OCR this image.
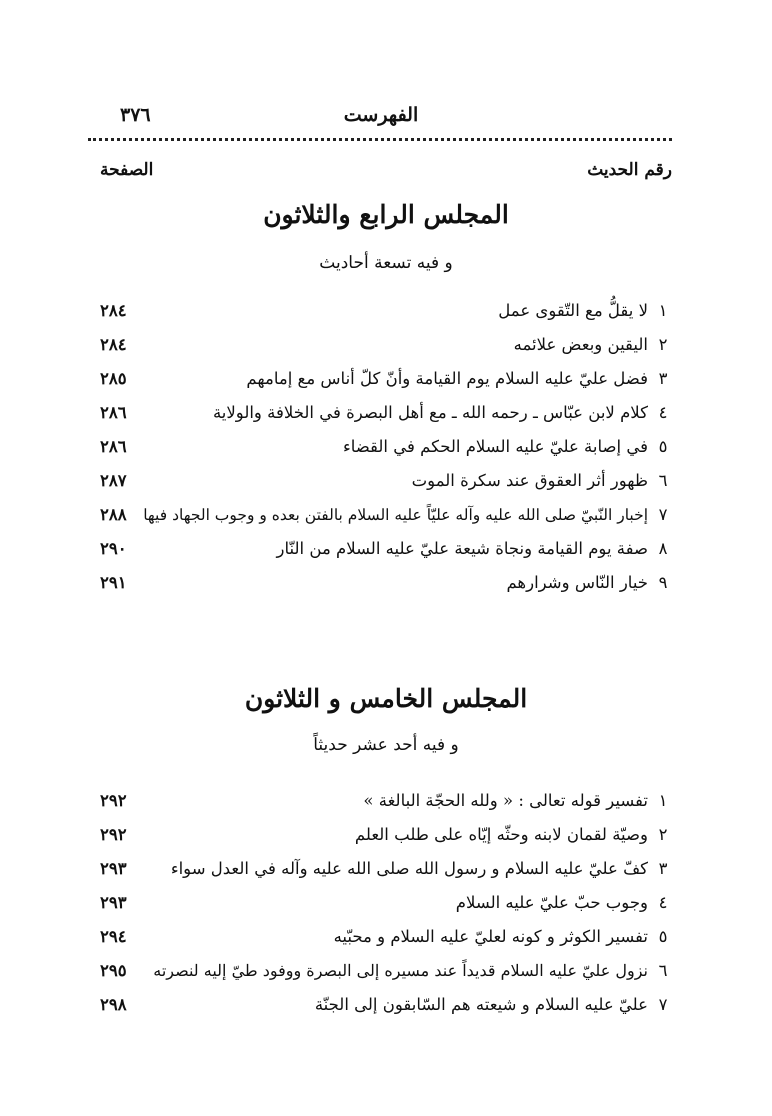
الفهرست
٣٧٦
رقم الحديث
الصفحة
المجلس الرابع والثلاثون
و فيه تسعة أحاديث
١
لا يقلُّ مع التّقوى عمل
٢٨٤
٢
اليقين وبعض علائمه
٢٨٤
٣
فضل عليّ عليه السلام يوم القيامة وأنّ كلّ أناس مع إمامهم
٢٨٥
٤
كلام لابن عبّاس ـ رحمه الله ـ مع أهل البصرة في الخلافة والولاية
٢٨٦
٥
في إصابة عليّ عليه السلام الحكم في القضاء
٢٨٦
٦
ظهور أثر العقوق عند سكرة الموت
٢٨٧
٧
إخبار النّبيّ صلى الله عليه وآله عليّاً عليه السلام بالفتن بعده و وجوب الجهاد فيها
٢٨٨
٨
صفة يوم القيامة ونجاة شيعة عليّ عليه السلام من النّار
٢٩٠
٩
خيار النّاس وشرارهم
٢٩١
المجلس الخامس و الثلاثون
و فيه أحد عشر حديثاً
١
تفسير قوله تعالى : « ولله الحجّة البالغة »
٢٩٢
٢
وصيّة لقمان لابنه وحثّه إيّاه على طلب العلم
٢٩٢
٣
كفّ عليّ عليه السلام و رسول الله صلى الله عليه وآله في العدل سواء
٢٩٣
٤
وجوب حبّ عليّ عليه السلام
٢٩٣
٥
تفسير الكوثر و كونه لعليّ عليه السلام و محبّيه
٢٩٤
٦
نزول عليّ عليه السلام قديداً عند مسيره إلى البصرة ووفود طيّ إليه لنصرته
٢٩٥
٧
عليّ عليه السلام و شيعته هم السّابقون إلى الجنّة
٢٩٨
